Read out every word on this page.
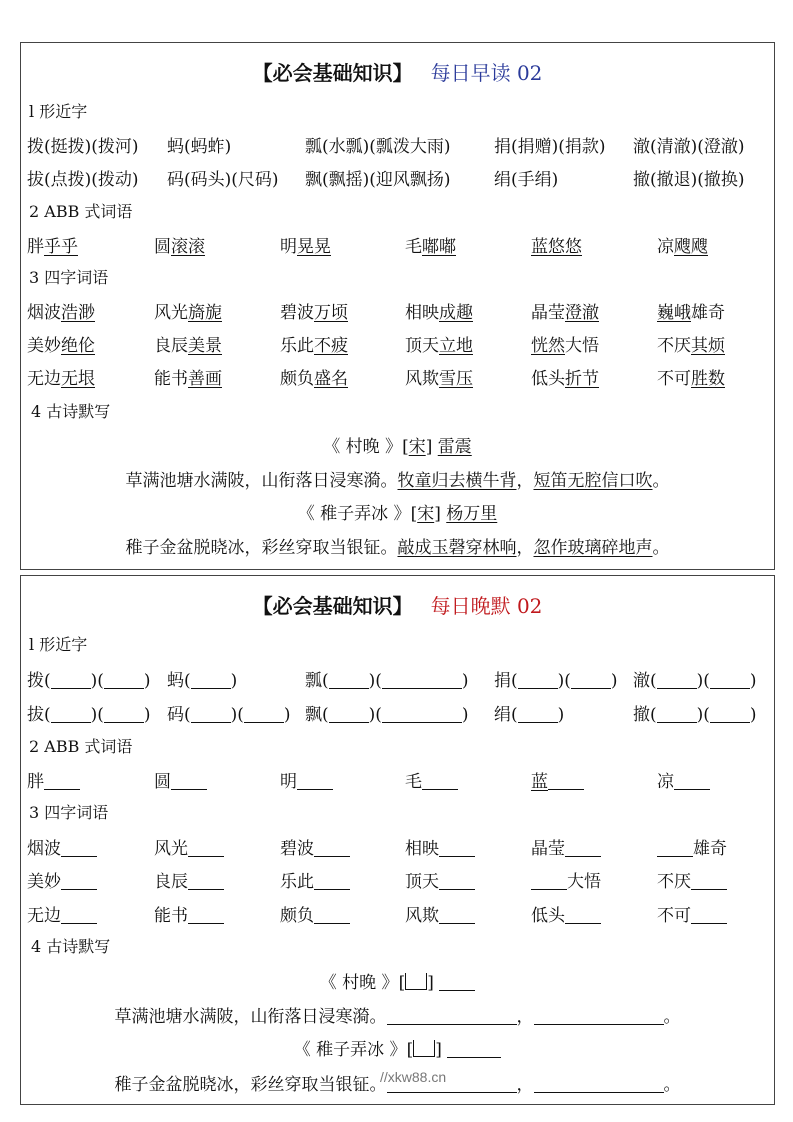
【必会基础知识】 每日早读 02
l 形近字
拨(挺拨)(拨河) 蚂(蚂蚱)	瓢(水瓢)(瓢泼大雨)	捐(捐赠)(捐款) 澈(清澈)(澄澈)
拔(点拨)(拨动) 码(码头)(尺码) 飘(飘摇)(迎风飘扬)	绢(手绢)	撤(撤退)(撤换)
2 ABB 式词语
胖乎乎	圆滚滚	明晃晃	毛嘟嘟	蓝悠悠	凉飕飕
3 四字词语
烟波浩渺	风光旖旎	碧波万顷	相映成趣	晶莹澄澈	巍峨雄奇
美妙绝伦	良辰美景	乐此不疲	顶天立地	恍然大悟	不厌其烦
无边无垠	能书善画	颇负盛名	风欺雪压	低头折节	不可胜数
4 古诗默写
《 村晚 》[宋] 雷震
草满池塘水满陂，山衔落日浸寒漪。牧童归去横牛背，短笛无腔信口吹。
《 稚子弄冰 》[宋] 杨万里
稚子金盆脱晓冰，彩丝穿取当银钲。敲成玉磬穿林响，忽作玻璃碎地声。
【必会基础知识】 每日晚默 02
l 形近字
拨( )( ) 蚂( )	瓢( )(	) 捐( )( ) 澈( )( )
拔( )( ) 码( )( ) 飘( )(	) 绢( )	撤( )( )
2 ABB 式词语
胖	圆	明	毛	蓝	凉
3 四字词语
烟波	风光	碧波	相映	晶莹	雄奇
美妙	良辰	乐此	顶天	大悟	不厌
无边	能书	颇负	风欺	低头	不可
4 古诗默写
《 村晚 》[ ]
草满池塘水满陂，山衔落日浸寒漪。	，	。
《 稚子弄冰 》[ ]
稚子金盆脱晓冰，彩丝穿取当银钲。	，	。
//xkw88.cn
